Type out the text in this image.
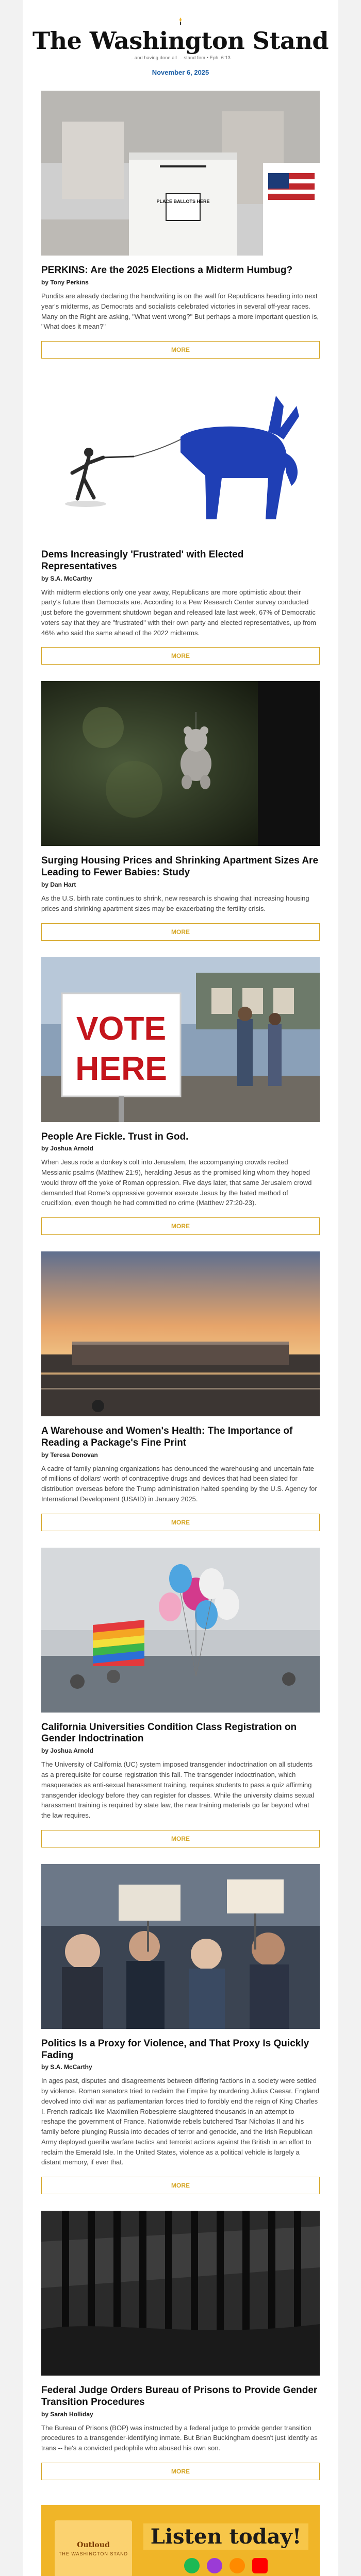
The Washington Stand
...and having done all ... stand firm • Eph. 6:13
November 6, 2025
PLACE BALLOTS HERE
PERKINS: Are the 2025 Elections a Midterm Humbug?
by Tony Perkins

Pundits are already declaring the handwriting is on the wall for Republicans heading into next year's midterms, as Democrats and socialists celebrated victories in several off-year races. Many on the Right are asking, "What went wrong?" But perhaps a more important question is, "What does it mean?"

MORE
Dems Increasingly 'Frustrated' with Elected Representatives
by S.A. McCarthy

With midterm elections only one year away, Republicans are more optimistic about their party's future than Democrats are. According to a Pew Research Center survey conducted just before the government shutdown began and released late last week, 67% of Democratic voters say that they are "frustrated" with their own party and elected representatives, up from 46% who said the same ahead of the 2022 midterms.

MORE
Surging Housing Prices and Shrinking Apartment Sizes Are Leading to Fewer Babies: Study
by Dan Hart

As the U.S. birth rate continues to shrink, new research is showing that increasing housing prices and shrinking apartment sizes may be exacerbating the fertility crisis.

MORE
VOTE
HERE
People Are Fickle. Trust in God.
by Joshua Arnold

When Jesus rode a donkey's colt into Jerusalem, the accompanying crowds recited Messianic psalms (Matthew 21:9), heralding Jesus as the promised king whom they hoped would throw off the yoke of Roman oppression. Five days later, that same Jerusalem crowd demanded that Rome's oppressive governor execute Jesus by the hated method of crucifixion, even though he had committed no crime (Matthew 27:20-23).

MORE
A Warehouse and Women's Health: The Importance of Reading a Package's Fine Print
by Teresa Donovan

A cadre of family planning organizations has denounced the warehousing and uncertain fate of millions of dollars' worth of contraceptive drugs and devices that had been slated for distribution overseas before the Trump administration halted spending by the U.S. Agency for International Development (USAID) in January 2025.

MORE
California Universities Condition Class Registration on Gender Indoctrination
by Joshua Arnold

The University of California (UC) system imposed transgender indoctrination on all students as a prerequisite for course registration this fall. The transgender indoctrination, which masquerades as anti-sexual harassment training, requires students to pass a quiz affirming transgender ideology before they can register for classes. While the university claims sexual harassment training is required by state law, the new training materials go far beyond what the law requires.

MORE
Politics Is a Proxy for Violence, and That Proxy Is Quickly Fading
by S.A. McCarthy

In ages past, disputes and disagreements between differing factions in a society were settled by violence. Roman senators tried to reclaim the Empire by murdering Julius Caesar. England devolved into civil war as parliamentarian forces tried to forcibly end the reign of King Charles I. French radicals like Maximilien Robespierre slaughtered thousands in an attempt to reshape the government of France. Nationwide rebels butchered Tsar Nicholas II and his family before plunging Russia into decades of terror and genocide, and the Irish Republican Army deployed guerilla warfare tactics and terrorist actions against the British in an effort to reclaim the Emerald Isle. In the United States, violence as a political vehicle is largely a distant memory, if ever that.

MORE
Federal Judge Orders Bureau of Prisons to Provide Gender Transition Procedures
by Sarah Holliday

The Bureau of Prisons (BOP) was instructed by a federal judge to provide gender transition procedures to a transgender-identifying inmate. But Brian Buckingham doesn't just identify as trans -- he's a convicted pedophile who abused his own son.

MORE
Outloud
THE WASHINGTON STAND
Listen today!
